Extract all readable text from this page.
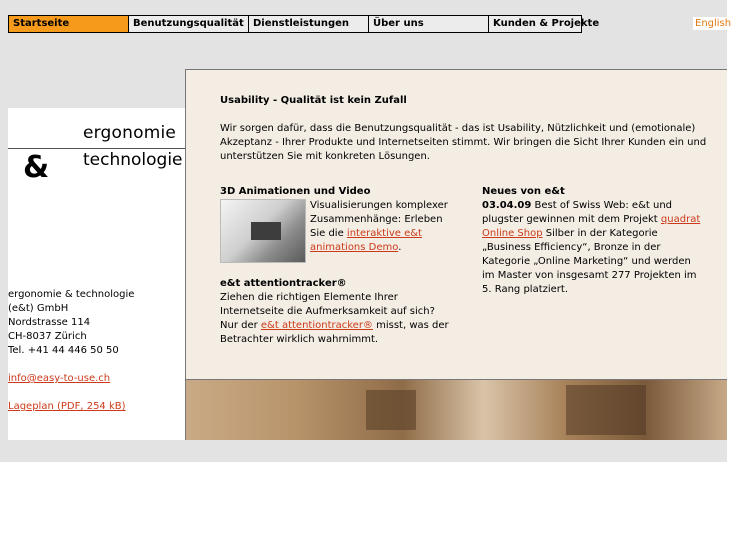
Startseite	Benutzungsqualität Dienstleistungen	Über uns	Kunden & Projekte	English
ergonomie
& technologie
ergonomie & technologie
(e&t) GmbH
Nordstrasse 114
CH-8037 Zürich
Tel. +41 44 446 50 50
info@easy-to-use.ch
Lageplan (PDF, 254 kB)
Usability - Qualität ist kein Zufall
Wir sorgen dafür, dass die Benutzungsqualität - das ist Usability, Nützlichkeit und (emotionale) Akzeptanz - Ihrer Produkte und Internetseiten stimmt. Wir bringen die Sicht Ihrer Kunden ein und unterstützen Sie mit konkreten Lösungen.
3D Animationen und Video
Visualisierungen komplexer Zusammenhänge: Erleben Sie die interaktive e&t animations Demo.
e&t attentiontracker®
Ziehen die richtigen Elemente Ihrer Internetseite die Aufmerksamkeit auf sich? Nur der e&t attentiontracker® misst, was der Betrachter wirklich wahrnimmt.
Neues von e&t
03.04.09 Best of Swiss Web: e&t und plugster gewinnen mit dem Projekt quadrat Online Shop Silber in der Kategorie „Business Efficiency“, Bronze in der Kategorie „Online Marketing“ und werden im Master von insgesamt 277 Projekten im 5. Rang platziert.
